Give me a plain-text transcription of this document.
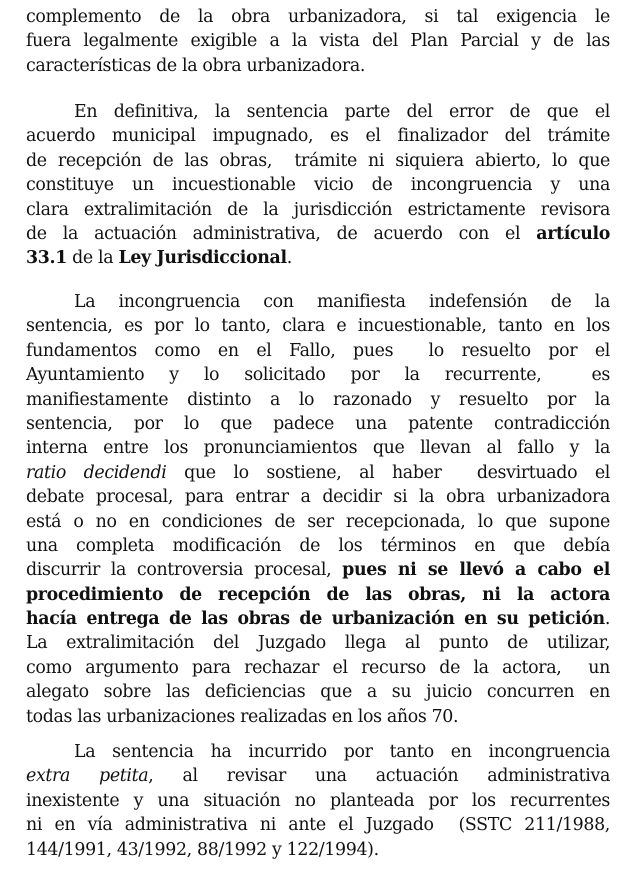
complemento de la obra urbanizadora, si tal exigencia le
fuera legalmente exigible a la vista del Plan Parcial y de las
características de la obra urbanizadora.
En definitiva, la sentencia parte del error de que el
acuerdo municipal impugnado, es el finalizador del trámite
de recepción de las obras,  trámite ni siquiera abierto, lo que
constituye un incuestionable vicio de incongruencia y una
clara extralimitación de la jurisdicción estrictamente revisora
de la actuación administrativa, de acuerdo con el artículo
33.1 de la Ley Jurisdiccional.
La incongruencia con manifiesta indefensión de la
sentencia, es por lo tanto, clara e incuestionable, tanto en los
fundamentos como en el Fallo, pues  lo resuelto por el
Ayuntamiento y lo solicitado por la recurrente,  es
manifiestamente distinto a lo razonado y resuelto por la
sentencia, por lo que padece una patente contradicción
interna entre los pronunciamientos que llevan al fallo y la
ratio decidendi que lo sostiene, al haber  desvirtuado el
debate procesal, para entrar a decidir si la obra urbanizadora
está o no en condiciones de ser recepcionada, lo que supone
una completa modificación de los términos en que debía
discurrir la controversia procesal, pues ni se llevó a cabo el
procedimiento de recepción de las obras, ni la actora
hacía entrega de las obras de urbanización en su petición.
La extralimitación del Juzgado llega al punto de utilizar,
como argumento para rechazar el recurso de la actora,  un
alegato sobre las deficiencias que a su juicio concurren en
todas las urbanizaciones realizadas en los años 70.
La sentencia ha incurrido por tanto en incongruencia
extra petita, al revisar una actuación administrativa
inexistente y una situación no planteada por los recurrentes
ni en vía administrativa ni ante el Juzgado  (SSTC 211/1988,
144/1991, 43/1992, 88/1992 y 122/1994).
